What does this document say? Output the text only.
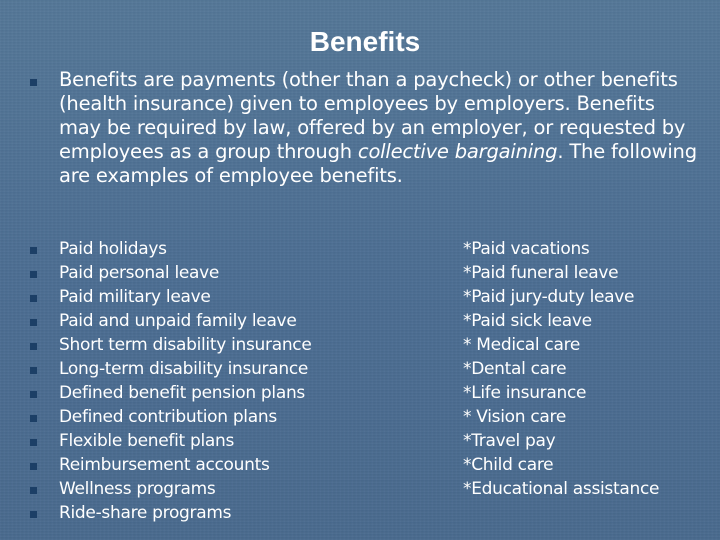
Benefits

Benefits are payments (other than a paycheck) or other benefits (health insurance) given to employees by employers. Benefits may be required by law, offered by an employer, or requested by employees as a group through collective bargaining. The following are examples of employee benefits.

Paid holidays
Paid personal leave
Paid military leave
Paid and unpaid family leave
Short term disability insurance
Long-term disability insurance
Defined benefit pension plans
Defined contribution plans
Flexible benefit plans
Reimbursement accounts
Wellness programs
Ride-share programs
*Paid vacations
*Paid funeral leave
*Paid jury-duty leave
*Paid sick leave
* Medical care
*Dental care
*Life insurance
* Vision care
*Travel pay
*Child care
*Educational assistance
